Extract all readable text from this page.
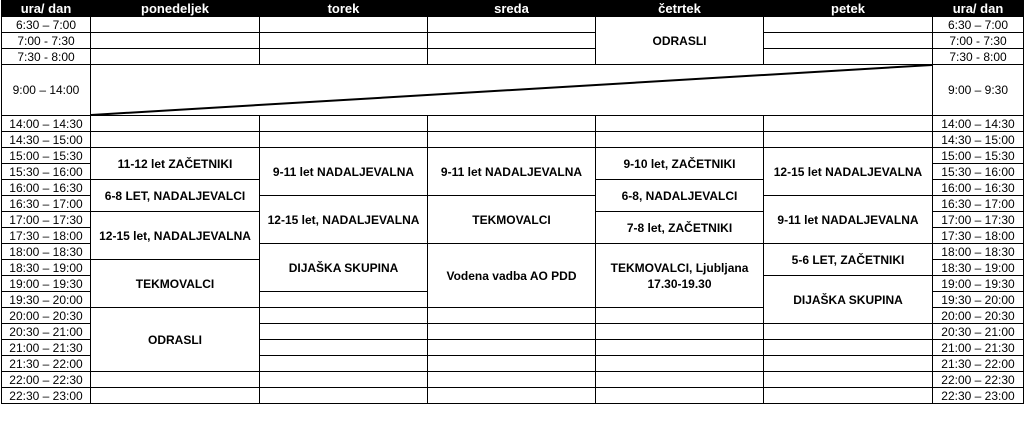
ura/ dan	ponedeljek	torek	sreda	četrtek	petek	ura/ dan
6:30 – 7:00				ODRASLI		6:30 – 7:00
7:00 - 7:30						7:00 - 7:30
7:30 - 8:00						7:30 - 8:00
9:00 – 14:00						9:00 – 9:30
14:00 – 14:30						14:00 – 14:30
14:30 – 15:00						14:30 – 15:00
15:00 – 15:30	11-12 let ZAČETNIKI	9-11 let NADALJEVALNA	9-11 let NADALJEVALNA	9-10 let, ZAČETNIKI	12-15 let NADALJEVALNA	15:00 – 15:30
15:30 – 16:00						15:30 – 16:00
16:00 – 16:30	6-8 LET, NADALJEVALCI			6-8, NADALJEVALCI		16:00 – 16:30
16:30 – 17:00		12-15 let, NADALJEVALNA	TEKMOVALCI		9-11 let NADALJEVALNA	16:30 – 17:00
17:00 – 17:30	12-15 let, NADALJEVALNA			7-8 let, ZAČETNIKI		17:00 – 17:30
17:30 – 18:00						17:30 – 18:00
18:00 – 18:30		DIJAŠKA SKUPINA	Vodena vadba AO PDD	TEKMOVALCI, Ljubljana 17.30-19.30	5-6 LET, ZAČETNIKI	18:00 – 18:30
18:30 – 19:00	TEKMOVALCI					18:30 – 19:00
19:00 – 19:30					DIJAŠKA SKUPINA	19:00 – 19:30
19:30 – 20:00						19:30 – 20:00
20:00 – 20:30	ODRASLI					20:00 – 20:30
20:30 – 21:00						20:30 – 21:00
21:00 – 21:30						21:00 – 21:30
21:30 – 22:00						21:30 – 22:00
22:00 – 22:30						22:00 – 22:30
22:30 – 23:00						22:30 – 23:00
